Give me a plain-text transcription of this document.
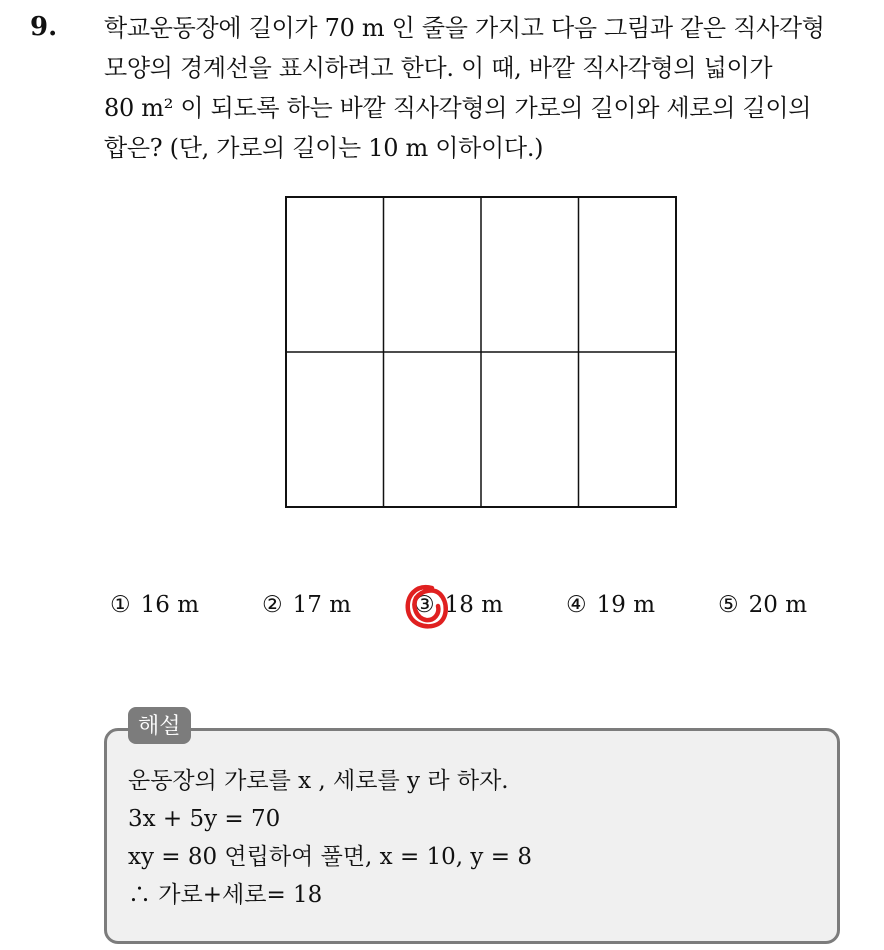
9. 학교운동장에 길이가 70 m 인 줄을 가지고 다음 그림과 같은 직사각형
모양의 경계선을 표시하려고 한다. 이 때, 바깥 직사각형의 넓이가
80 m² 이 되도록 하는 바깥 직사각형의 가로의 길이와 세로의 길이의
합은? (단, 가로의 길이는 10 m 이하이다.)
① 16 m	② 17 m	③ 18 m	④ 19 m	⑤ 20 m
해설
운동장의 가로를 x , 세로를 y 라 하자.
3x + 5y = 70
xy = 80 연립하여 풀면, x = 10, y = 8
∴ 가로+세로= 18
